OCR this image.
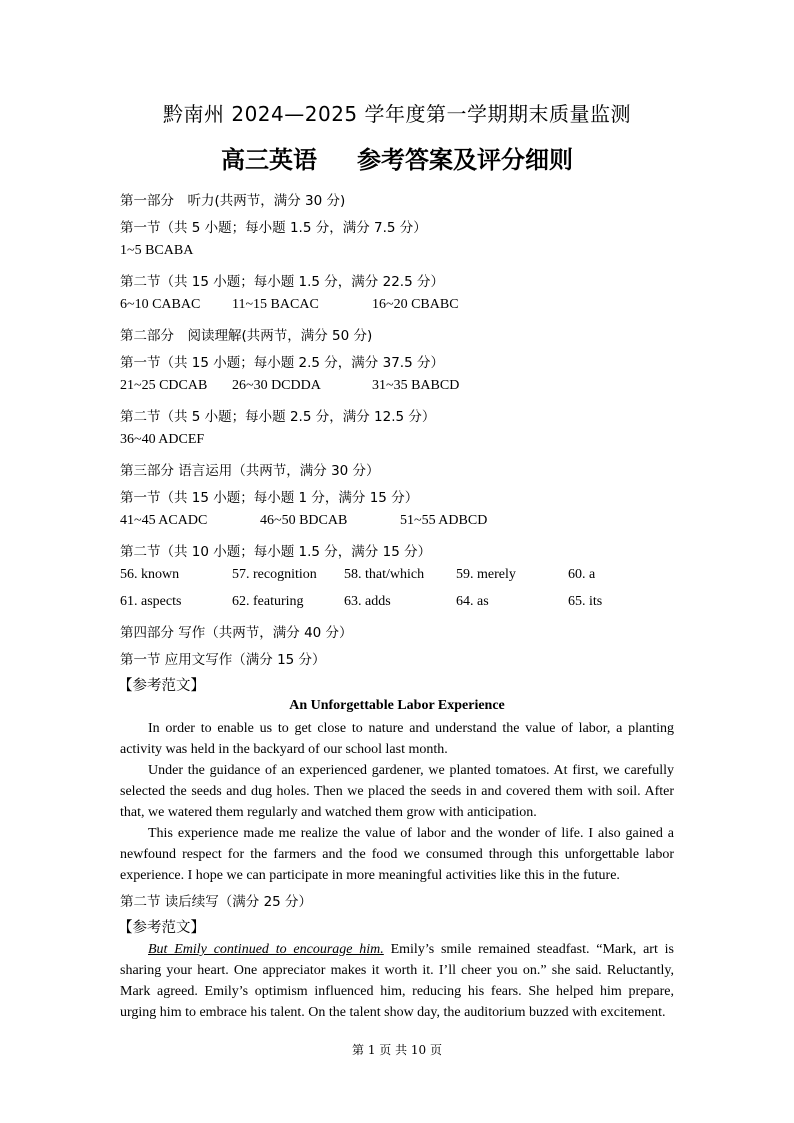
黔南州 2024—2025 学年度第一学期期末质量监测
高三英语 参考答案及评分细则
第一部分　听力(共两节，满分 30 分)
第一节（共 5 小题；每小题 1.5 分，满分 7.5 分）
1~5 BCABA
第二节（共 15 小题；每小题 1.5 分，满分 22.5 分）
6~10 CABAC 11~15 BACAC	16~20 CBABC
第二部分　阅读理解(共两节，满分 50 分)
第一节（共 15 小题；每小题 2.5 分，满分 37.5 分）
21~25 CDCAB 26~30 DCDDA	31~35 BABCD
第二节（共 5 小题；每小题 2.5 分，满分 12.5 分）
36~40 ADCEF
第三部分 语言运用（共两节，满分 30 分）
第一节（共 15 小题；每小题 1 分，满分 15 分）
41~45 ACADC	46~50 BDCAB	51~55 ADBCD
第二节（共 10 小题；每小题 1.5 分，满分 15 分）
56. known	57. recognition 58. that/which 59. merely	60. a
61. aspects	62. featuring	63. adds	64. as	65. its
第四部分 写作（共两节，满分 40 分）
第一节 应用文写作（满分 15 分）
【参考范文】
An Unforgettable Labor Experience

In order to enable us to get close to nature and understand the value of labor, a planting activity was held in the backyard of our school last month.

Under the guidance of an experienced gardener, we planted tomatoes. At first, we carefully selected the seeds and dug holes. Then we placed the seeds in and covered them with soil. After that, we watered them regularly and watched them grow with anticipation.

This experience made me realize the value of labor and the wonder of life. I also gained a newfound respect for the farmers and the food we consumed through this unforgettable labor experience. I hope we can participate in more meaningful activities like this in the future.

第二节 读后续写（满分 25 分）
【参考范文】

But Emily continued to encourage him. Emily’s smile remained steadfast. “Mark, art is sharing your heart. One appreciator makes it worth it. I’ll cheer you on.” she said. Reluctantly, Mark agreed. Emily’s optimism influenced him, reducing his fears. She helped him prepare, urging him to embrace his talent. On the talent show day, the auditorium buzzed with excitement.

第 1 页 共 10 页
